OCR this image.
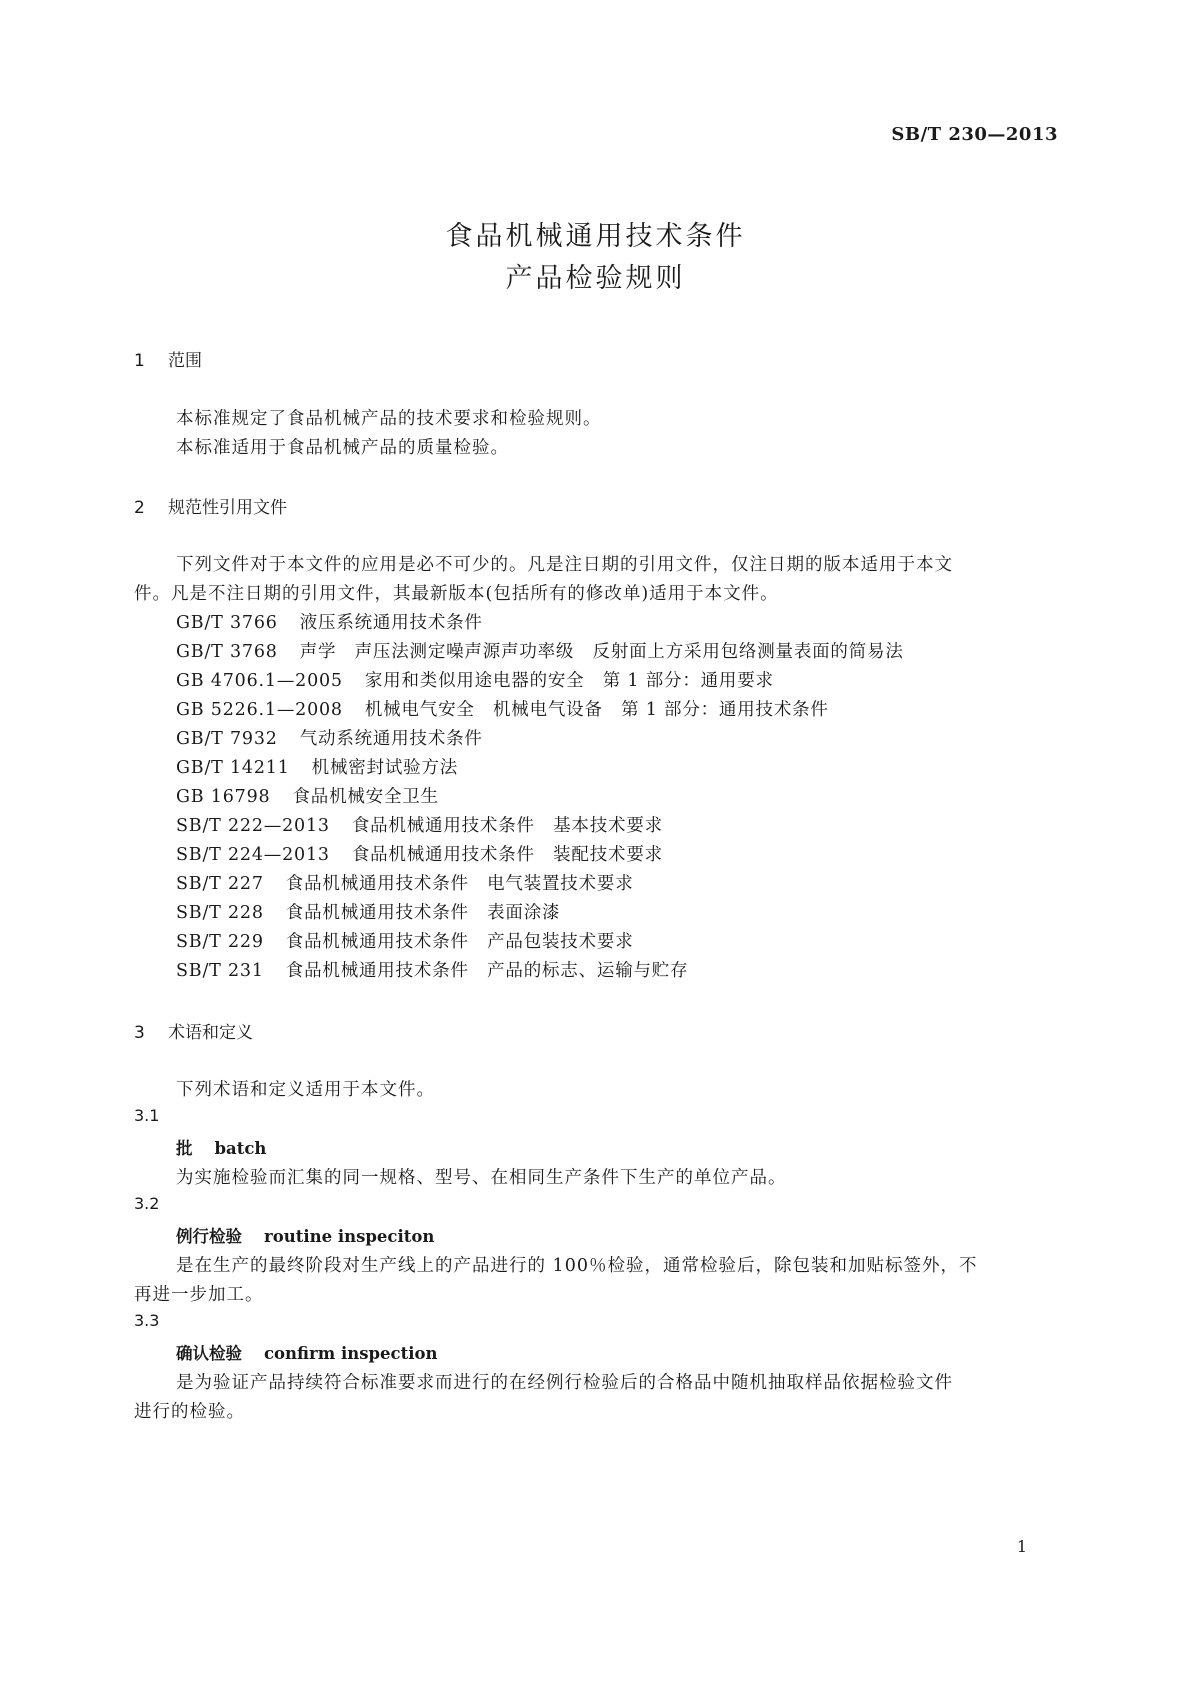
SB/T 230—2013
食品机械通用技术条件
产品检验规则
1 范围
本标准规定了食品机械产品的技术要求和检验规则。
本标准适用于食品机械产品的质量检验。
2 规范性引用文件
下列文件对于本文件的应用是必不可少的。凡是注日期的引用文件，仅注日期的版本适用于本文
件。凡是不注日期的引用文件，其最新版本(包括所有的修改单)适用于本文件。
GB/T 3766 液压系统通用技术条件
GB/T 3768 声学　声压法测定噪声源声功率级　反射面上方采用包络测量表面的简易法
GB 4706.1—2005 家用和类似用途电器的安全　第 1 部分：通用要求
GB 5226.1—2008 机械电气安全　机械电气设备　第 1 部分：通用技术条件
GB/T 7932 气动系统通用技术条件
GB/T 14211 机械密封试验方法
GB 16798 食品机械安全卫生
SB/T 222—2013 食品机械通用技术条件　基本技术要求
SB/T 224—2013 食品机械通用技术条件　装配技术要求
SB/T 227 食品机械通用技术条件　电气装置技术要求
SB/T 228 食品机械通用技术条件　表面涂漆
SB/T 229 食品机械通用技术条件　产品包装技术要求
SB/T 231 食品机械通用技术条件　产品的标志、运输与贮存
3 术语和定义
下列术语和定义适用于本文件。
3.1
批 batch
为实施检验而汇集的同一规格、型号、在相同生产条件下生产的单位产品。
3.2
例行检验 routine inspeciton
是在生产的最终阶段对生产线上的产品进行的 100％检验，通常检验后，除包装和加贴标签外，不
再进一步加工。
3.3
确认检验 confirm inspection
是为验证产品持续符合标准要求而进行的在经例行检验后的合格品中随机抽取样品依据检验文件
进行的检验。
1
